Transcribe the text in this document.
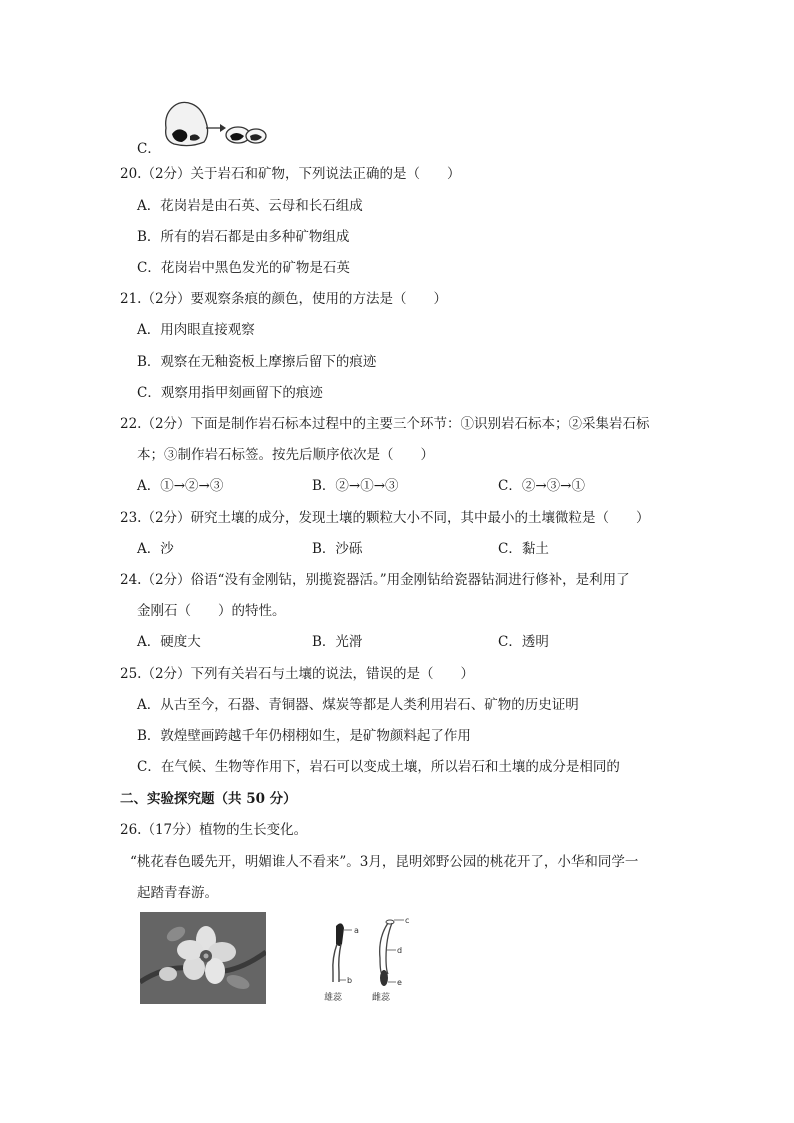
C．
20.（2分）关于岩石和矿物，下列说法正确的是（　　）
A．花岗岩是由石英、云母和长石组成
B．所有的岩石都是由多种矿物组成
C．花岗岩中黑色发光的矿物是石英
21.（2分）要观察条痕的颜色，使用的方法是（　　）
A．用肉眼直接观察
B．观察在无釉瓷板上摩擦后留下的痕迹
C．观察用指甲刻画留下的痕迹
22.（2分）下面是制作岩石标本过程中的主要三个环节：①识别岩石标本；②采集岩石标
本；③制作岩石标签。按先后顺序依次是（　　）
A．①→②→③	B．②→①→③	C．②→③→①
23.（2分）研究土壤的成分，发现土壤的颗粒大小不同，其中最小的土壤微粒是（　　）
A．沙	B．沙砾	C．黏土
24.（2分）俗语“没有金刚钻，别揽瓷器活。”用金刚钻给瓷器钻洞进行修补，是利用了
金刚石（　　）的特性。
A．硬度大	B．光滑	C．透明
25.（2分）下列有关岩石与土壤的说法，错误的是（　　）
A．从古至今，石器、青铜器、煤炭等都是人类利用岩石、矿物的历史证明
B．敦煌壁画跨越千年仍栩栩如生，是矿物颜料起了作用
C．在气候、生物等作用下，岩石可以变成土壤，所以岩石和土壤的成分是相同的
二、实验探究题（共 50 分）
26.（17分）植物的生长变化。
“桃花春色暖先开，明媚谁人不看来”。3月，昆明郊野公园的桃花开了，小华和同学一
起踏青春游。
a
b
雄蕊
c
d
e
雌蕊
